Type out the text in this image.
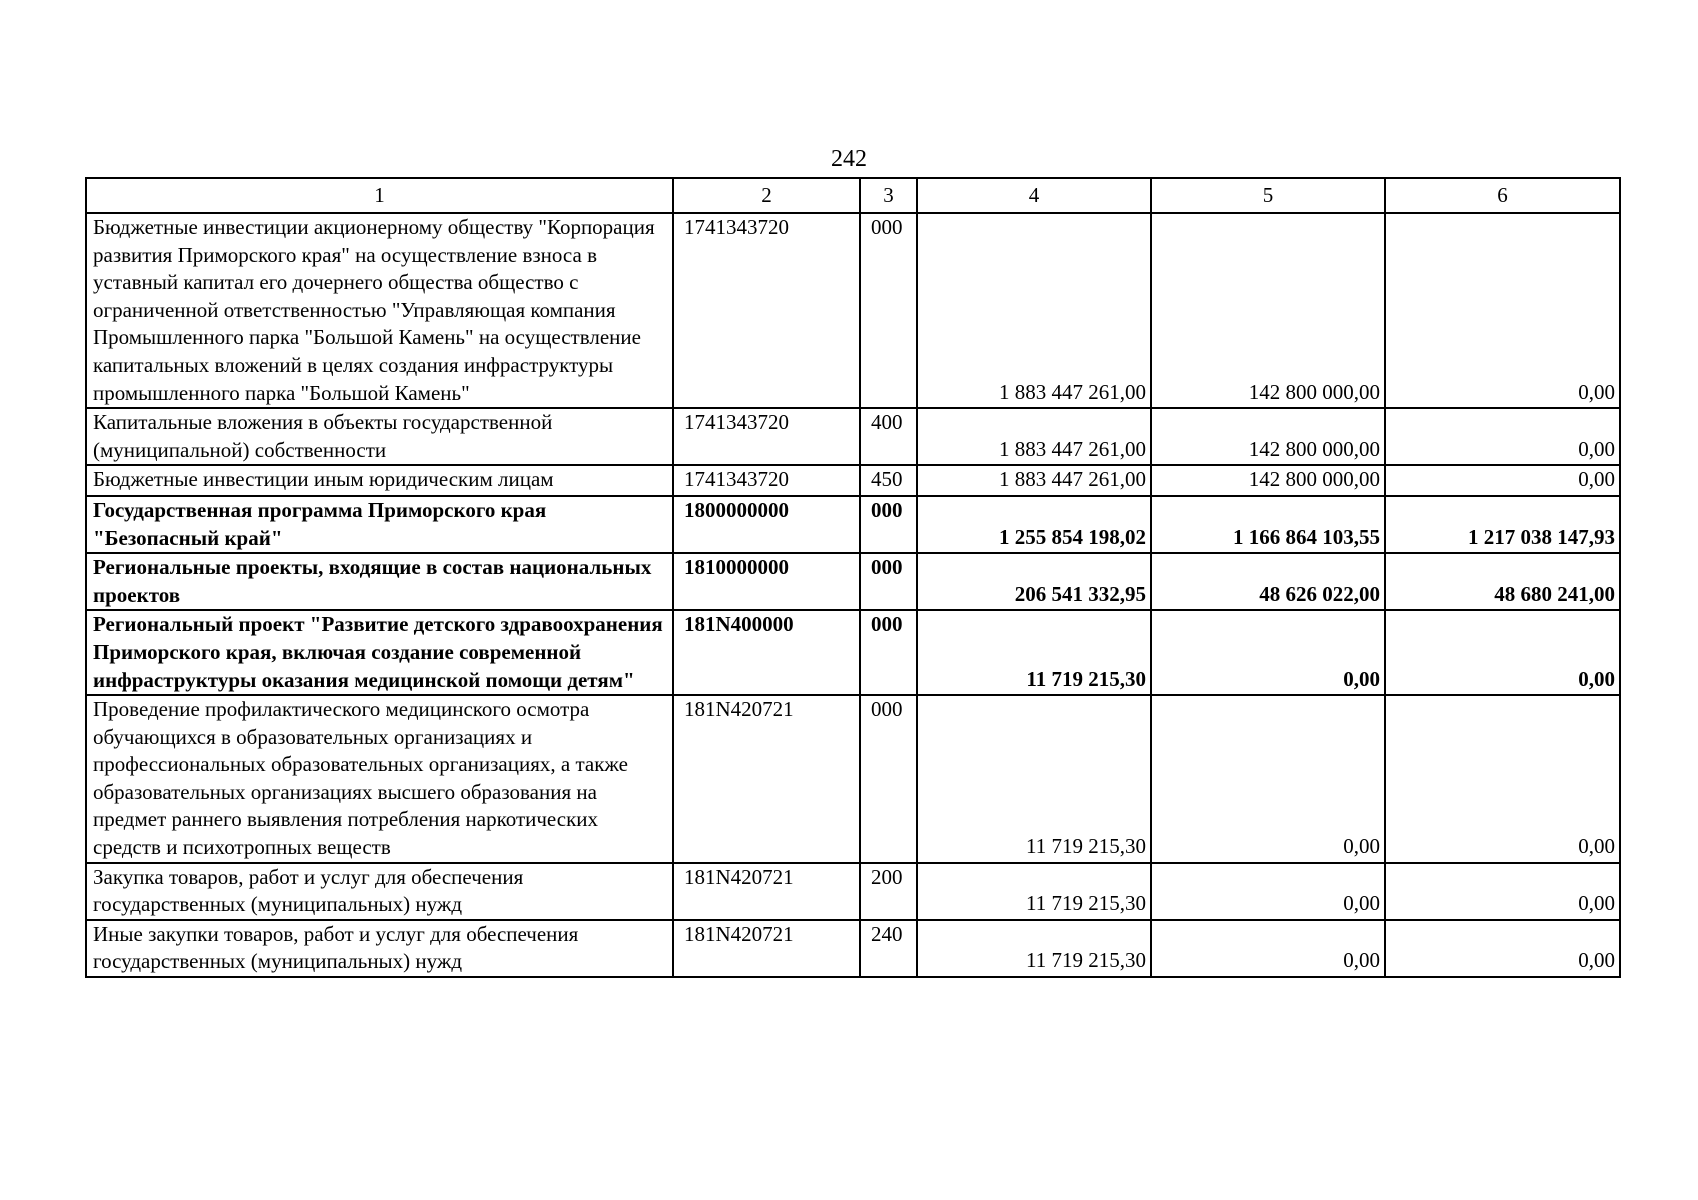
242
1	2	3	4	5	6
Бюджетные инвестиции акционерному обществу "Корпорация развития Приморского края" на осуществление взноса в уставный капитал его дочернего общества общество с ограниченной ответственностью "Управляющая компания Промышленного парка "Большой Камень" на осуществление капитальных вложений в целях создания инфраструктуры промышленного парка "Большой Камень"	1741343720	000	1 883 447 261,00	142 800 000,00	0,00
Капитальные вложения в объекты государственной (муниципальной) собственности	1741343720	400	1 883 447 261,00	142 800 000,00	0,00
Бюджетные инвестиции иным юридическим лицам	1741343720	450	1 883 447 261,00	142 800 000,00	0,00
Государственная программа Приморского края "Безопасный край"	1800000000	000	1 255 854 198,02	1 166 864 103,55	1 217 038 147,93
Региональные проекты, входящие в состав национальных проектов	1810000000	000	206 541 332,95	48 626 022,00	48 680 241,00
Региональный проект "Развитие детского здравоохранения Приморского края, включая создание современной инфраструктуры оказания медицинской помощи детям"	181N400000	000	11 719 215,30	0,00	0,00
Проведение профилактического медицинского осмотра обучающихся в образовательных организациях и профессиональных образовательных организациях, а также образовательных организациях высшего образования на предмет раннего выявления потребления наркотических средств и психотропных веществ	181N420721	000	11 719 215,30	0,00	0,00
Закупка товаров, работ и услуг для обеспечения государственных (муниципальных) нужд	181N420721	200	11 719 215,30	0,00	0,00
Иные закупки товаров, работ и услуг для обеспечения государственных (муниципальных) нужд	181N420721	240	11 719 215,30	0,00	0,00
